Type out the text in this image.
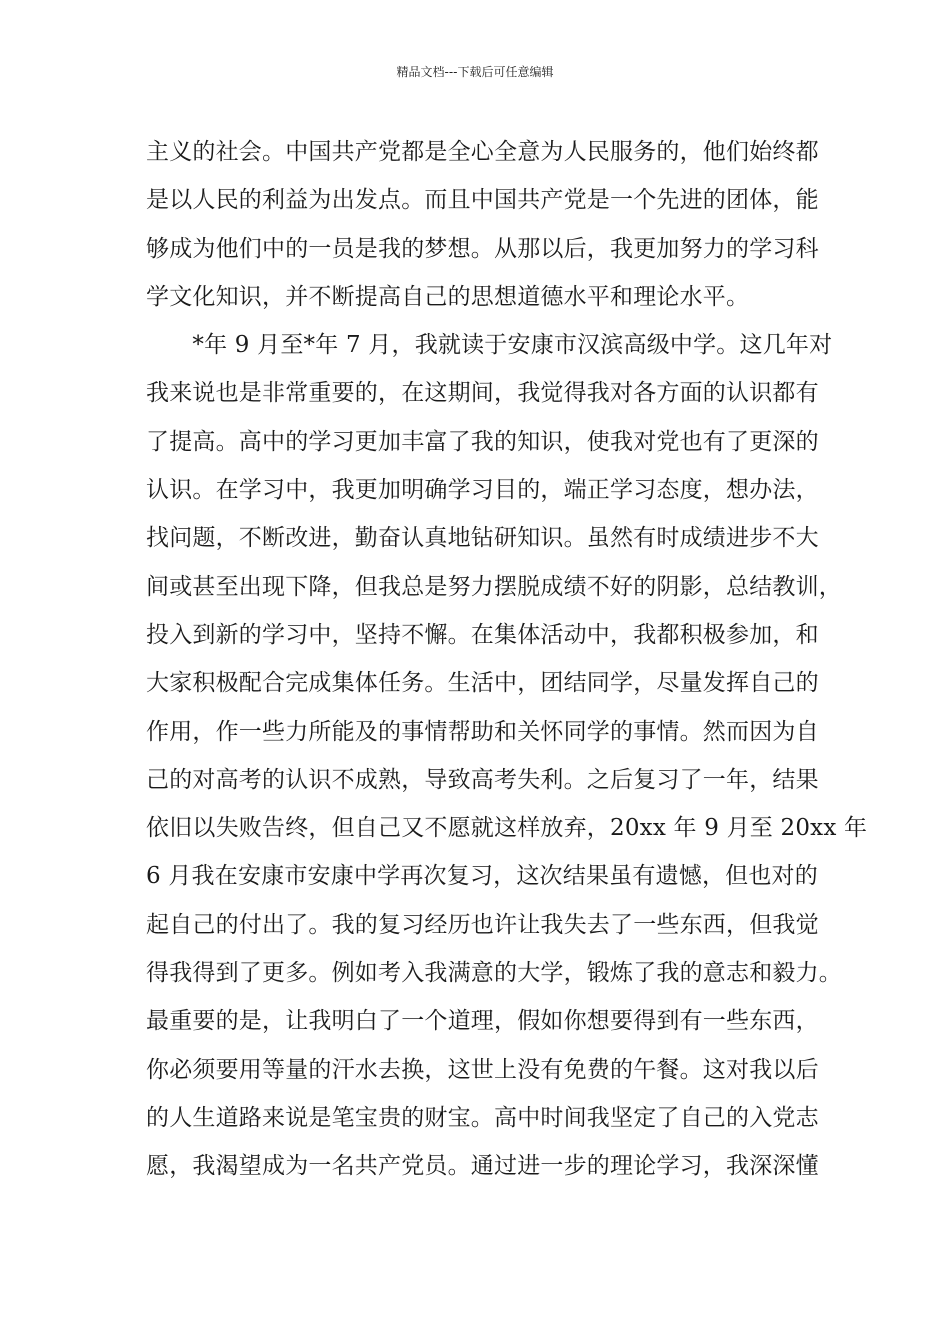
精品文档---下载后可任意编辑
主义的社会。中国共产党都是全心全意为人民服务的，他们始终都
是以人民的利益为出发点。而且中国共产党是一个先进的团体，能
够成为他们中的一员是我的梦想。从那以后，我更加努力的学习科
学文化知识，并不断提高自己的思想道德水平和理论水平。
　　*年 9 月至*年 7 月，我就读于安康市汉滨高级中学。这几年对
我来说也是非常重要的，在这期间，我觉得我对各方面的认识都有
了提高。高中的学习更加丰富了我的知识，使我对党也有了更深的
认识。在学习中，我更加明确学习目的，端正学习态度，想办法，
找问题，不断改进，勤奋认真地钻研知识。虽然有时成绩进步不大
间或甚至出现下降，但我总是努力摆脱成绩不好的阴影，总结教训，
投入到新的学习中，坚持不懈。在集体活动中，我都积极参加，和
大家积极配合完成集体任务。生活中，团结同学，尽量发挥自己的
作用，作一些力所能及的事情帮助和关怀同学的事情。然而因为自
己的对高考的认识不成熟，导致高考失利。之后复习了一年，结果
依旧以失败告终，但自己又不愿就这样放弃，20xx 年 9 月至 20xx 年
6 月我在安康市安康中学再次复习，这次结果虽有遗憾，但也对的
起自己的付出了。我的复习经历也许让我失去了一些东西，但我觉
得我得到了更多。例如考入我满意的大学，锻炼了我的意志和毅力。
最重要的是，让我明白了一个道理，假如你想要得到有一些东西，
你必须要用等量的汗水去换，这世上没有免费的午餐。这对我以后
的人生道路来说是笔宝贵的财宝。高中时间我坚定了自己的入党志
愿，我渴望成为一名共产党员。通过进一步的理论学习，我深深懂
